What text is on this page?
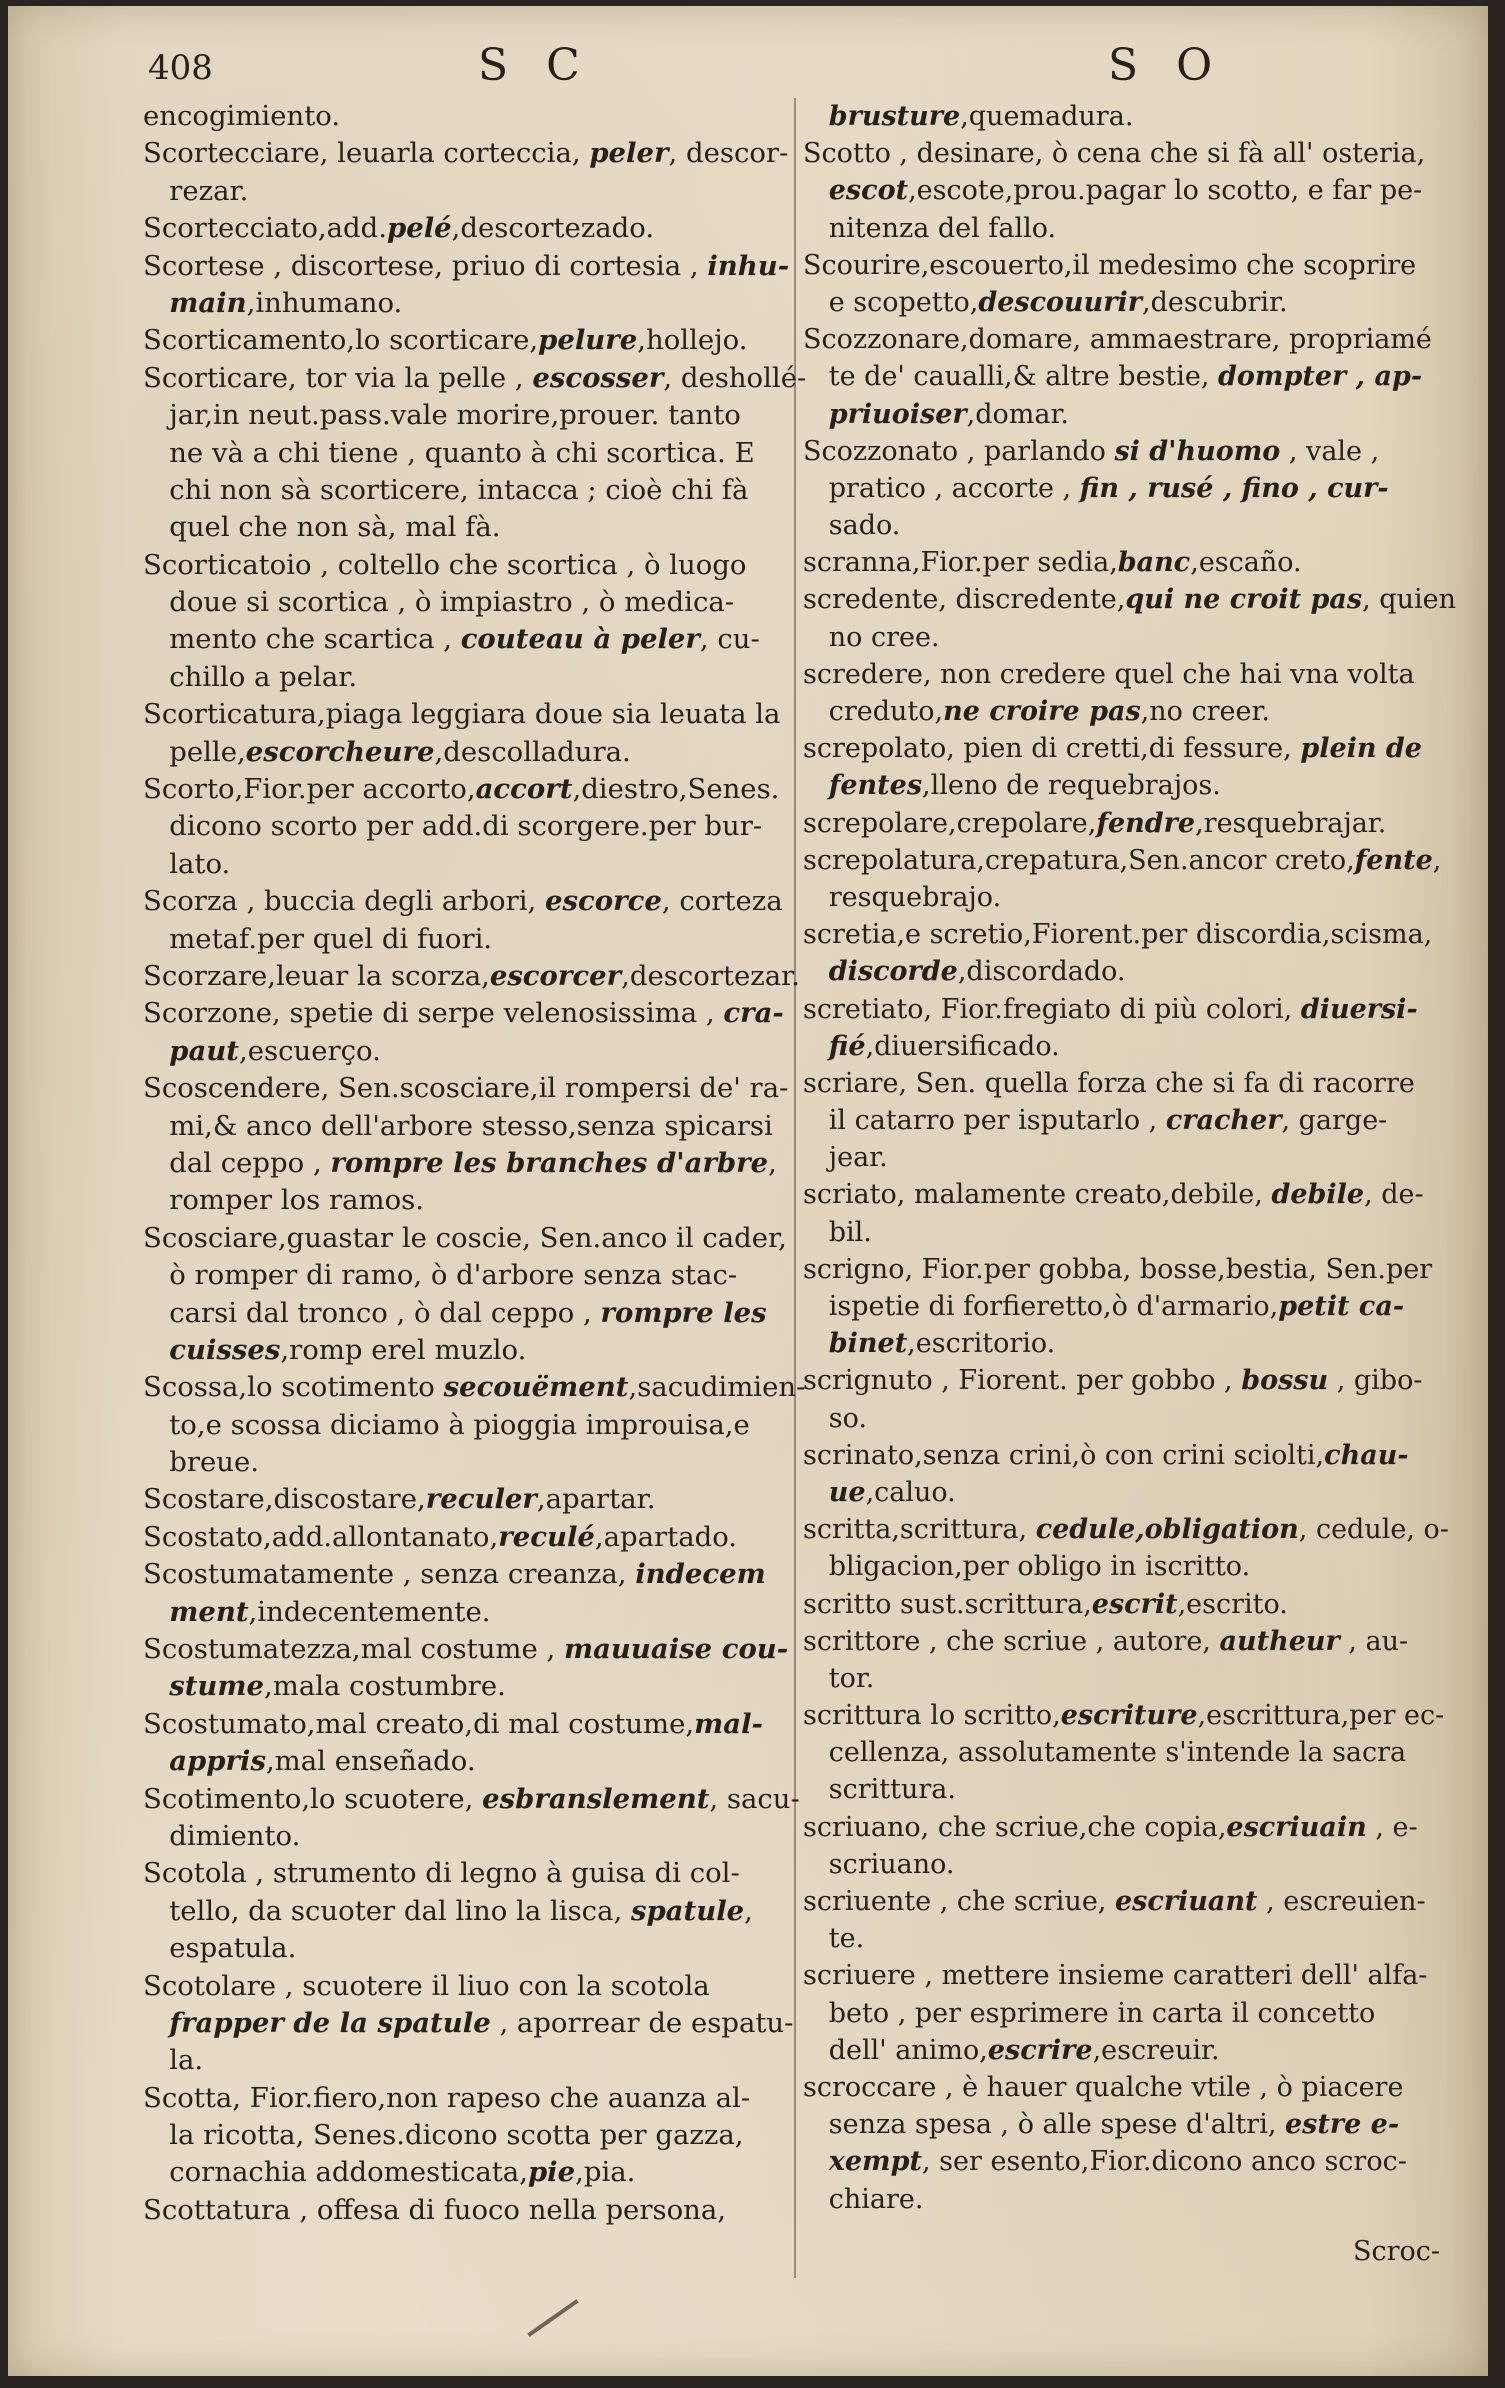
408	S C	S O
encogimiento.
Scortecciare, leuarla corteccia, peler, descor-
rezar.
Scortecciato,add.pelé,descortezado.
Scortese , discortese, priuo di cortesia , inhu-
main,inhumano.
Scorticamento,lo scorticare,pelure,hollejo.
Scorticare, tor via la pelle , escosser, deshollé-
jar,in neut.pass.vale morire,prouer. tanto
ne và a chi tiene , quanto à chi scortica. E
chi non sà scorticere, intacca ; cioè chi fà
quel che non sà, mal fà.
Scorticatoio , coltello che scortica , ò luogo
doue si scortica , ò impiastro , ò medica-
mento che scartica , couteau à peler, cu-
chillo a pelar.
Scorticatura,piaga leggiara doue sia leuata la
pelle,escorcheure,descolladura.
Scorto,Fior.per accorto,accort,diestro,Senes.
dicono scorto per add.di scorgere.per bur-
lato.
Scorza , buccia degli arbori, escorce, corteza
metaf.per quel di fuori.
Scorzare,leuar la scorza,escorcer,descortezar.
Scorzone, spetie di serpe velenosissima , cra-
paut,escuerço.
Scoscendere, Sen.scosciare,il rompersi de' ra-
mi,& anco dell'arbore stesso,senza spicarsi
dal ceppo , rompre les branches d'arbre,
romper los ramos.
Scosciare,guastar le coscie, Sen.anco il cader,
ò romper di ramo, ò d'arbore senza stac-
carsi dal tronco , ò dal ceppo , rompre les
cuisses,romp erel muzlo.
Scossa,lo scotimento secouëment,sacudimien-
to,e scossa diciamo à pioggia improuisa,e
breue.
Scostare,discostare,reculer,apartar.
Scostato,add.allontanato,reculé,apartado.
Scostumatamente , senza creanza, indecem
ment,indecentemente.
Scostumatezza,mal costume , mauuaise cou-
stume,mala costumbre.
Scostumato,mal creato,di mal costume,mal-
appris,mal enseñado.
Scotimento,lo scuotere, esbranslement, sacu-
dimiento.
Scotola , strumento di legno à guisa di col-
tello, da scuoter dal lino la lisca, spatule,
espatula.
Scotolare , scuotere il liuo con la scotola
frapper de la spatule , aporrear de espatu-
la.
Scotta, Fior.fiero,non rapeso che auanza al-
la ricotta, Senes.dicono scotta per gazza,
cornachia addomesticata,pie,pia.
Scottatura , offesa di fuoco nella persona,
brusture,quemadura.
Scotto , desinare, ò cena che si fà all' osteria,
escot,escote,prou.pagar lo scotto, e far pe-
nitenza del fallo.
Scourire,escouerto,il medesimo che scoprire
e scopetto,descouurir,descubrir.
Scozzonare,domare, ammaestrare, propriamé
te de' caualli,& altre bestie, dompter , ap-
priuoiser,domar.
Scozzonato , parlando si d'huomo , vale ,
pratico , accorte , fin , rusé , fino , cur-
sado.
scranna,Fior.per sedia,banc,escaño.
scredente, discredente,qui ne croit pas, quien
no cree.
scredere, non credere quel che hai vna volta
creduto,ne croire pas,no creer.
screpolato, pien di cretti,di fessure, plein de
fentes,lleno de requebrajos.
screpolare,crepolare,fendre,resquebrajar.
screpolatura,crepatura,Sen.ancor creto,fente,
resquebrajo.
scretia,e scretio,Fiorent.per discordia,scisma,
discorde,discordado.
scretiato, Fior.fregiato di più colori, diuersi-
fié,diuersificado.
scriare, Sen. quella forza che si fa di racorre
il catarro per isputarlo , cracher, garge-
jear.
scriato, malamente creato,debile, debile, de-
bil.
scrigno, Fior.per gobba, bosse,bestia, Sen.per
ispetie di forfieretto,ò d'armario,petit ca-
binet,escritorio.
scrignuto , Fiorent. per gobbo , bossu , gibo-
so.
scrinato,senza crini,ò con crini sciolti,chau-
ue,caluo.
scritta,scrittura, cedule,obligation, cedule, o-
bligacion,per obligo in iscritto.
scritto sust.scrittura,escrit,escrito.
scrittore , che scriue , autore, autheur , au-
tor.
scrittura lo scritto,escriture,escrittura,per ec-
cellenza, assolutamente s'intende la sacra
scrittura.
scriuano, che scriue,che copia,escriuain , e-
scriuano.
scriuente , che scriue, escriuant , escreuien-
te.
scriuere , mettere insieme caratteri dell' alfa-
beto , per esprimere in carta il concetto
dell' animo,escrire,escreuir.
scroccare , è hauer qualche vtile , ò piacere
senza spesa , ò alle spese d'altri, estre e-
xempt, ser esento,Fior.dicono anco scroc-
chiare.
Scroc-
